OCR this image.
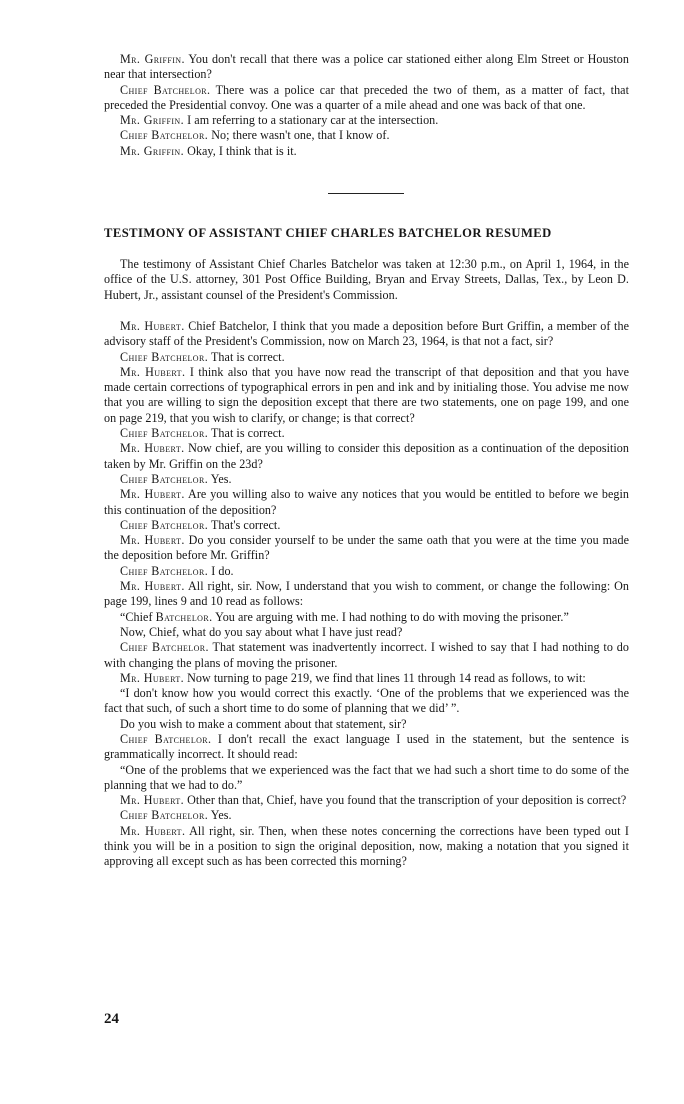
Mr. Griffin. You don't recall that there was a police car stationed either along Elm Street or Houston near that intersection?

Chief Batchelor. There was a police car that preceded the two of them, as a matter of fact, that preceded the Presidential convoy. One was a quarter of a mile ahead and one was back of that one.

Mr. Griffin. I am referring to a stationary car at the intersection.

Chief Batchelor. No; there wasn't one, that I know of.

Mr. Griffin. Okay, I think that is it.

TESTIMONY OF ASSISTANT CHIEF CHARLES BATCHELOR RESUMED

The testimony of Assistant Chief Charles Batchelor was taken at 12:30 p.m., on April 1, 1964, in the office of the U.S. attorney, 301 Post Office Building, Bryan and Ervay Streets, Dallas, Tex., by Leon D. Hubert, Jr., assistant counsel of the President's Commission.

Mr. Hubert. Chief Batchelor, I think that you made a deposition before Burt Griffin, a member of the advisory staff of the President's Commission, now on March 23, 1964, is that not a fact, sir?

Chief Batchelor. That is correct.

Mr. Hubert. I think also that you have now read the transcript of that deposition and that you have made certain corrections of typographical errors in pen and ink and by initialing those. You advise me now that you are willing to sign the deposition except that there are two statements, one on page 199, and one on page 219, that you wish to clarify, or change; is that correct?

Chief Batchelor. That is correct.

Mr. Hubert. Now chief, are you willing to consider this deposition as a continuation of the deposition taken by Mr. Griffin on the 23d?

Chief Batchelor. Yes.

Mr. Hubert. Are you willing also to waive any notices that you would be entitled to before we begin this continuation of the deposition?

Chief Batchelor. That's correct.

Mr. Hubert. Do you consider yourself to be under the same oath that you were at the time you made the deposition before Mr. Griffin?

Chief Batchelor. I do.

Mr. Hubert. All right, sir. Now, I understand that you wish to comment, or change the following: On page 199, lines 9 and 10 read as follows:

“Chief Batchelor. You are arguing with me. I had nothing to do with moving the prisoner.”

Now, Chief, what do you say about what I have just read?

Chief Batchelor. That statement was inadvertently incorrect. I wished to say that I had nothing to do with changing the plans of moving the prisoner.

Mr. Hubert. Now turning to page 219, we find that lines 11 through 14 read as follows, to wit:

“I don't know how you would correct this exactly. ‘One of the problems that we experienced was the fact that such, of such a short time to do some of planning that we did’ ”.

Do you wish to make a comment about that statement, sir?

Chief Batchelor. I don't recall the exact language I used in the statement, but the sentence is grammatically incorrect. It should read:

“One of the problems that we experienced was the fact that we had such a short time to do some of the planning that we had to do.”

Mr. Hubert. Other than that, Chief, have you found that the transcription of your deposition is correct?

Chief Batchelor. Yes.

Mr. Hubert. All right, sir. Then, when these notes concerning the corrections have been typed out I think you will be in a position to sign the original deposition, now, making a notation that you signed it approving all except such as has been corrected this morning?

24
